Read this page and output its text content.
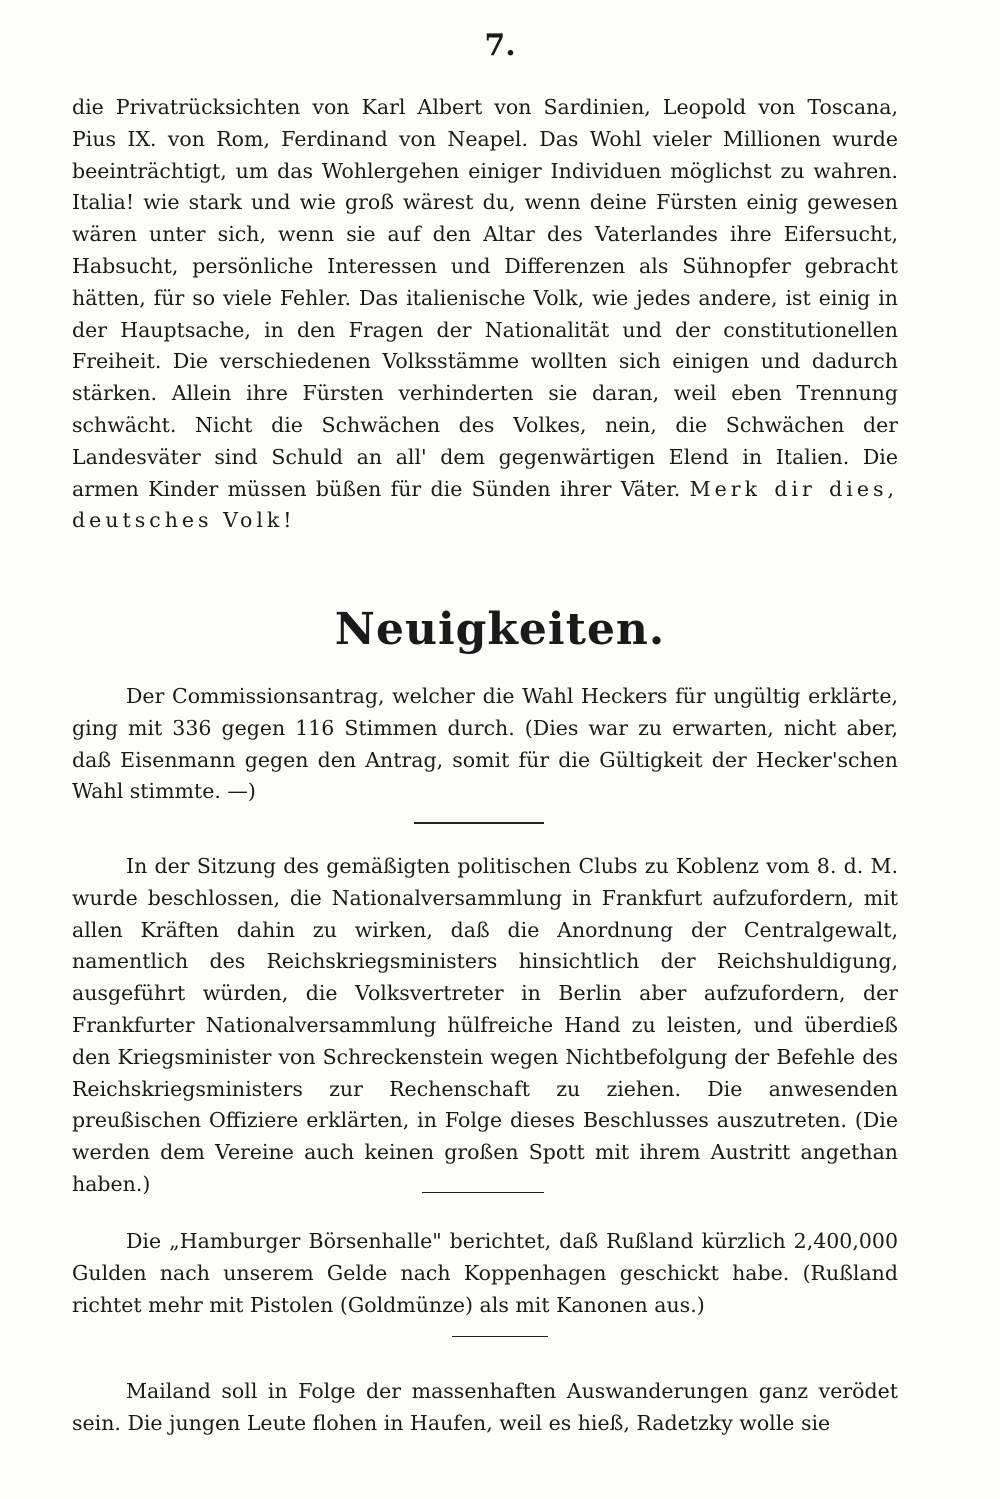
7.
die Privatrücksichten von Karl Albert von Sardinien, Leopold von Toscana, Pius IX. von Rom, Ferdinand von Neapel. Das Wohl vieler Millionen wurde beeinträchtigt, um das Wohlergehen einiger Individuen möglichst zu wahren. Italia! wie stark und wie groß wärest du, wenn deine Fürsten einig gewesen wären unter sich, wenn sie auf den Altar des Vaterlandes ihre Eifersucht, Habsucht, persönliche Interessen und Differenzen als Sühnopfer gebracht hätten, für so viele Fehler. Das italienische Volk, wie jedes andere, ist einig in der Hauptsache, in den Fragen der Nationalität und der constitutionellen Freiheit. Die verschiedenen Volksstämme wollten sich einigen und dadurch stärken. Allein ihre Fürsten verhinderten sie daran, weil eben Trennung schwächt. Nicht die Schwächen des Volkes, nein, die Schwächen der Landesväter sind Schuld an all' dem gegenwärtigen Elend in Italien. Die armen Kinder müssen büßen für die Sünden ihrer Väter. Merk dir dies, deutsches Volk!
Neuigkeiten.
Der Commissionsantrag, welcher die Wahl Heckers für ungültig erklärte, ging mit 336 gegen 116 Stimmen durch. (Dies war zu erwarten, nicht aber, daß Eisenmann gegen den Antrag, somit für die Gültigkeit der Hecker'schen Wahl stimmte. —)
In der Sitzung des gemäßigten politischen Clubs zu Koblenz vom 8. d. M. wurde beschlossen, die Nationalversammlung in Frankfurt aufzufordern, mit allen Kräften dahin zu wirken, daß die Anordnung der Centralgewalt, namentlich des Reichskriegsministers hinsichtlich der Reichshuldigung, ausgeführt würden, die Volksvertreter in Berlin aber aufzufordern, der Frankfurter Nationalversammlung hülfreiche Hand zu leisten, und überdieß den Kriegsminister von Schreckenstein wegen Nichtbefolgung der Befehle des Reichskriegsministers zur Rechenschaft zu ziehen. Die anwesenden preußischen Offiziere erklärten, in Folge dieses Beschlusses auszutreten. (Die werden dem Vereine auch keinen großen Spott mit ihrem Austritt angethan haben.)
Die „Hamburger Börsenhalle" berichtet, daß Rußland kürzlich 2,400,000 Gulden nach unserem Gelde nach Koppenhagen geschickt habe. (Rußland richtet mehr mit Pistolen (Goldmünze) als mit Kanonen aus.)
Mailand soll in Folge der massenhaften Auswanderungen ganz verödet sein. Die jungen Leute flohen in Haufen, weil es hieß, Radetzky wolle sie
